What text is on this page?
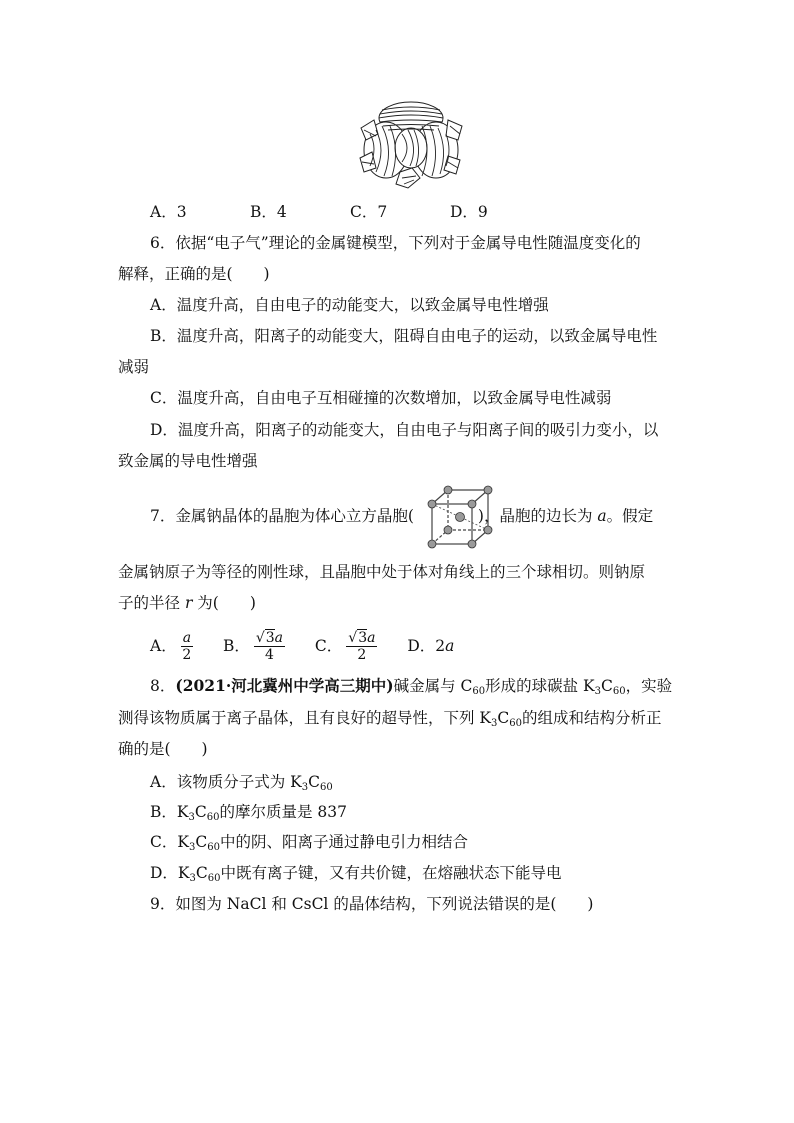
A．3	B．4	C．7	D．9
6．依据“电子气”理论的金属键模型，下列对于金属导电性随温度变化的
解释，正确的是(　　)
A．温度升高，自由电子的动能变大，以致金属导电性增强
B．温度升高，阳离子的动能变大，阻碍自由电子的运动，以致金属导电性
减弱
C．温度升高，自由电子互相碰撞的次数增加，以致金属导电性减弱
D．温度升高，阳离子的动能变大，自由电子与阳离子间的吸引力变小，以
致金属的导电性增强
7．金属钠晶体的晶胞为体心立方晶胞(	)，晶胞的边长为 a。假定
金属钠原子为等径的刚性球，且晶胞中处于体对角线上的三个球相切。则钠原
子的半径 r 为(　　)
A． $\frac{a}{2}$ B． $\frac{√3a}{4}$ C． $\frac{√3a}{2}$ D．2a
8．(2021·河北冀州中学高三期中)碱金属与 $C_{60}$形成的球碳盐 $K_3C_{60}$，实验
测得该物质属于离子晶体，且有良好的超导性，下列 $K_3C_{60}$的组成和结构分析正
确的是(　　)
A．该物质分子式为 $K_3C_{60}$
B．$K_3C_{60}$的摩尔质量是 837
C．$K_3C_{60}$中的阴、阳离子通过静电引力相结合
D．$K_3C_{60}$中既有离子键，又有共价键，在熔融状态下能导电
9．如图为 NaCl 和 CsCl 的晶体结构，下列说法错误的是(　　)
